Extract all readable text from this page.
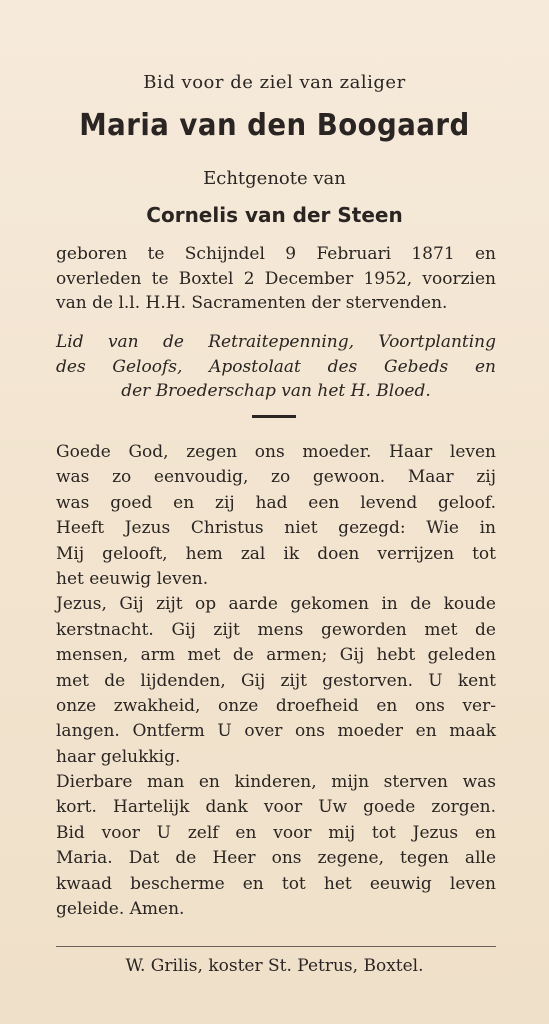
Bid voor de ziel van zaliger
Maria van den Boogaard
Echtgenote van
Cornelis van der Steen
geboren te Schijndel 9 Februari 1871 en
overleden te Boxtel 2 December 1952, voorzien
van de l.l. H.H. Sacramenten der stervenden.
Lid van de Retraitepenning, Voortplanting
des Geloofs, Apostolaat des Gebeds en
der Broederschap van het H. Bloed.
Goede God, zegen ons moeder. Haar leven
was zo eenvoudig, zo gewoon. Maar zij
was goed en zij had een levend geloof.
Heeft Jezus Christus niet gezegd: Wie in
Mij gelooft, hem zal ik doen verrijzen tot
het eeuwig leven.
Jezus, Gij zijt op aarde gekomen in de koude
kerstnacht. Gij zijt mens geworden met de
mensen, arm met de armen; Gij hebt geleden
met de lijdenden, Gij zijt gestorven. U kent
onze zwakheid, onze droefheid en ons ver-
langen. Ontferm U over ons moeder en maak
haar gelukkig.
Dierbare man en kinderen, mijn sterven was
kort. Hartelijk dank voor Uw goede zorgen.
Bid voor U zelf en voor mij tot Jezus en
Maria. Dat de Heer ons zegene, tegen alle
kwaad bescherme en tot het eeuwig leven
geleide. Amen.
W. Grilis, koster St. Petrus, Boxtel.
